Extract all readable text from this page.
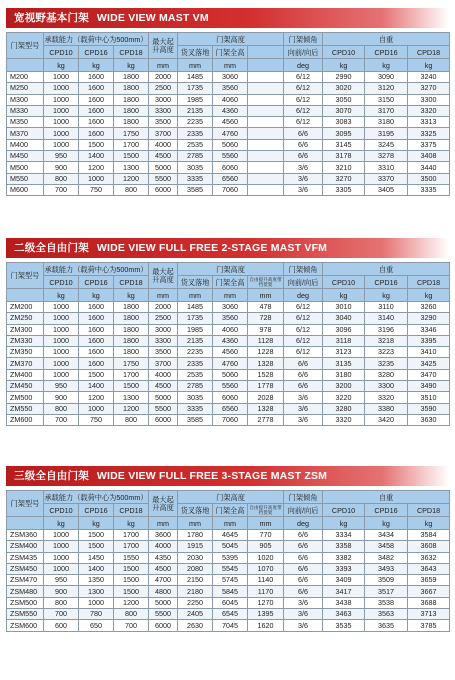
宽视野基本门架 WIDE VIEW MAST VM
门架型号	承载能力（载荷中心为500mm）			最大起升高度	门架高度			门架倾角	自重		
	CPD10	CPD16	CPD18		货叉落地	门架全高		向前/向后	CPD10	CPD16	CPD18
	kg	kg	kg	mm	mm	mm		deg	kg	kg	kg
M200	1000	1600	1800	2000	1485	3060		6/12	2990	3090	3240
M250	1000	1600	1800	2500	1735	3560		6/12	3020	3120	3270
M300	1000	1600	1800	3000	1985	4060		6/12	3050	3150	3300
M330	1000	1600	1800	3300	2135	4360		6/12	3070	3170	3320
M350	1000	1600	1800	3500	2235	4560		6/12	3083	3180	3313
M370	1000	1600	1750	3700	2335	4760		6/6	3095	3195	3325
M400	1000	1500	1700	4000	2535	5060		6/6	3145	3245	3375
M450	950	1400	1500	4500	2785	5560		6/6	3178	3278	3408
M500	900	1200	1300	5000	3035	6060		3/6	3210	3310	3440
M550	800	1000	1200	5500	3335	6560		3/6	3270	3370	3500
M600	700	750	800	6000	3585	7060		3/6	3305	3405	3335
二级全自由门架 WIDE VIEW FULL FREE 2-STAGE MAST VFM
门架型号	承载能力（载荷中心为500mm）			最大起升高度	门架高度			门架倾角	自重		
	CPD10	CPD16	CPD18		货叉落地	门架全高	自由提升高度带挡货架	向前/向后	CPD10	CPD16	CPD18
	kg	kg	kg	mm	mm	mm	mm	deg	kg	kg	kg
ZM200	1000	1600	1800	2000	1485	3060	478	6/12	3010	3110	3260
ZM250	1000	1600	1800	2500	1735	3560	728	6/12	3040	3140	3290
ZM300	1000	1600	1800	3000	1985	4060	978	6/12	3096	3196	3346
ZM330	1000	1600	1800	3300	2135	4360	1128	6/12	3118	3218	3395
ZM350	1000	1600	1800	3500	2235	4560	1228	6/12	3123	3223	3410
ZM370	1000	1600	1750	3700	2335	4760	1328	6/6	3135	3235	3425
ZM400	1000	1500	1700	4000	2535	5060	1528	6/6	3180	3280	3470
ZM450	950	1400	1500	4500	2785	5560	1778	6/6	3200	3300	3490
ZM500	900	1200	1300	5000	3035	6060	2028	3/6	3220	3320	3510
ZM550	800	1000	1200	5500	3335	6560	1328	3/6	3280	3380	3590
ZM600	700	750	800	6000	3585	7060	2778	3/6	3320	3420	3630
三级全自由门架 WIDE VIEW FULL FREE 3-STAGE MAST ZSM
门架型号	承载能力（载荷中心为500mm）			最大起升高度	门架高度			门架倾角	自重		
	CPD10	CPD16	CPD18		货叉落地	门架全高	自由提升高度带挡货架	向前/向后	CPD10	CPD16	CPD18
	kg	kg	kg	mm	mm	mm	mm	deg	kg	kg	kg
ZSM360	1000	1500	1700	3600	1780	4645	770	6/6	3334	3434	3584
ZSM400	1000	1500	1700	4000	1915	5045	905	6/6	3358	3458	3608
ZSM435	1000	1450	1550	4350	2030	5395	1020	6/6	3382	3482	3632
ZSM450	1000	1400	1500	4500	2080	5545	1070	6/6	3393	3493	3643
ZSM470	950	1350	1500	4700	2150	5745	1140	6/6	3409	3509	3659
ZSM480	900	1300	1500	4800	2180	5845	1170	6/6	3417	3517	3667
ZSM500	800	1000	1200	5000	2250	6045	1270	3/6	3438	3538	3688
ZSM550	700	780	800	5500	2405	6545	1395	3/6	3463	3563	3713
ZSM600	600	650	700	6000	2630	7045	1620	3/6	3535	3635	3785
